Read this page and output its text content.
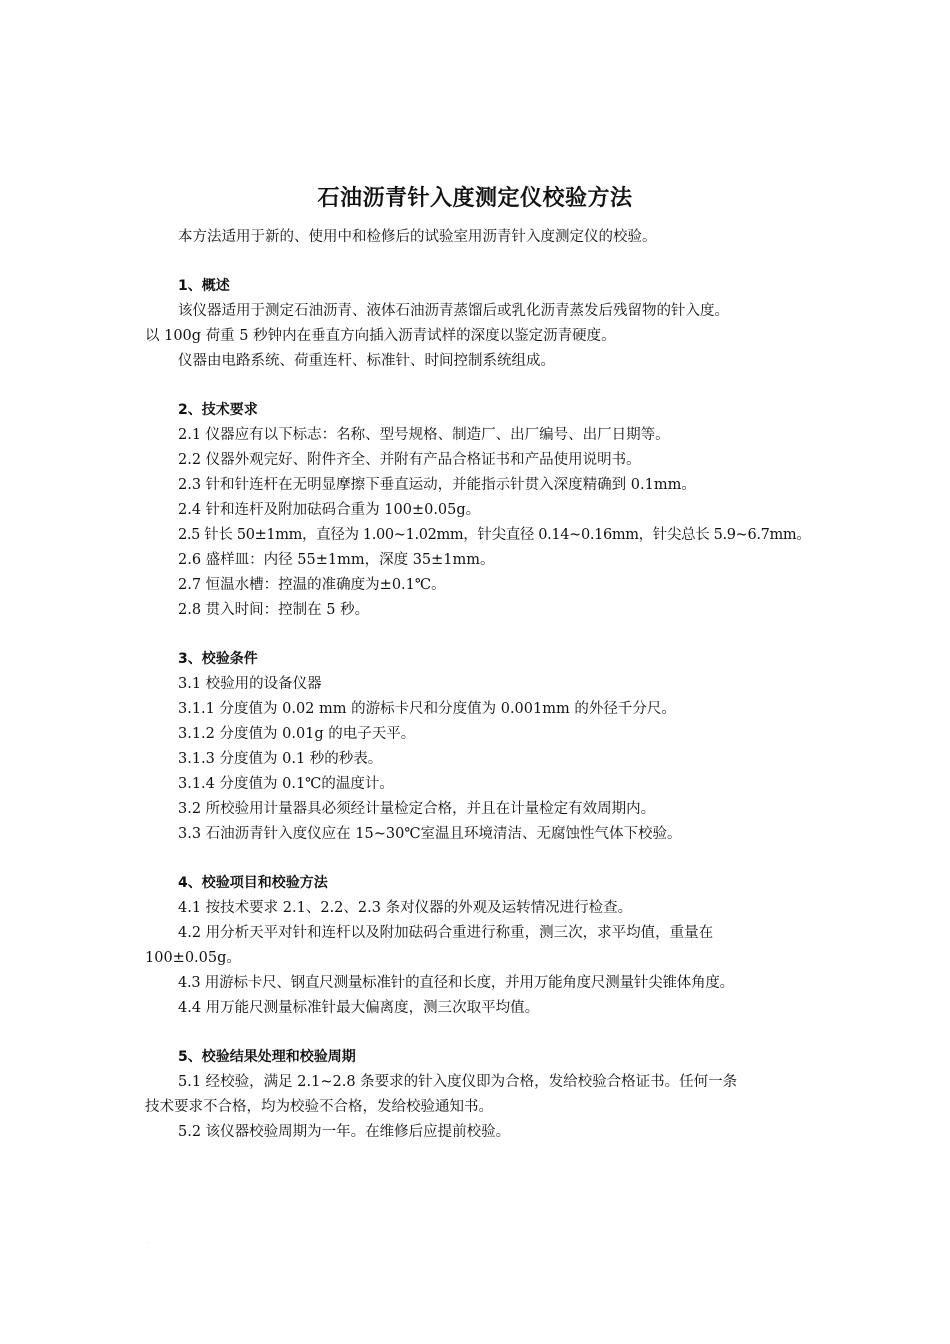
石油沥青针入度测定仪校验方法

本方法适用于新的、使用中和检修后的试验室用沥青针入度测定仪的校验。

1、概述

该仪器适用于测定石油沥青、液体石油沥青蒸馏后或乳化沥青蒸发后残留物的针入度。

以 100g 荷重 5 秒钟内在垂直方向插入沥青试样的深度以鉴定沥青硬度。

仪器由电路系统、荷重连杆、标准针、时间控制系统组成。

2、技术要求

2.1 仪器应有以下标志：名称、型号规格、制造厂、出厂编号、出厂日期等。

2.2 仪器外观完好、附件齐全、并附有产品合格证书和产品使用说明书。

2.3 针和针连杆在无明显摩擦下垂直运动，并能指示针贯入深度精确到 0.1mm。

2.4 针和连杆及附加砝码合重为 100±0.05g。

2.5 针长 50±1mm，直径为 1.00~1.02mm，针尖直径 0.14~0.16mm，针尖总长 5.9~6.7mm。

2.6 盛样皿：内径 55±1mm，深度 35±1mm。

2.7 恒温水槽：控温的准确度为±0.1℃。

2.8 贯入时间：控制在 5 秒。

3、校验条件

3.1 校验用的设备仪器

3.1.1 分度值为 0.02 mm 的游标卡尺和分度值为 0.001mm 的外径千分尺。

3.1.2 分度值为 0.01g 的电子天平。

3.1.3 分度值为 0.1 秒的秒表。

3.1.4 分度值为 0.1℃的温度计。

3.2 所校验用计量器具必须经计量检定合格，并且在计量检定有效周期内。

3.3 石油沥青针入度仪应在 15~30℃室温且环境清洁、无腐蚀性气体下校验。

4、校验项目和校验方法

4.1 按技术要求 2.1、2.2、2.3 条对仪器的外观及运转情况进行检查。

4.2 用分析天平对针和连杆以及附加砝码合重进行称重，测三次，求平均值，重量在

100±0.05g。

4.3 用游标卡尺、钢直尺测量标准针的直径和长度，并用万能角度尺测量针尖锥体角度。

4.4 用万能尺测量标准针最大偏离度，测三次取平均值。

5、校验结果处理和校验周期

5.1 经校验，满足 2.1~2.8 条要求的针入度仪即为合格，发给校验合格证书。任何一条

技术要求不合格，均为校验不合格，发给校验通知书。

5.2 该仪器校验周期为一年。在维修后应提前校验。

.
